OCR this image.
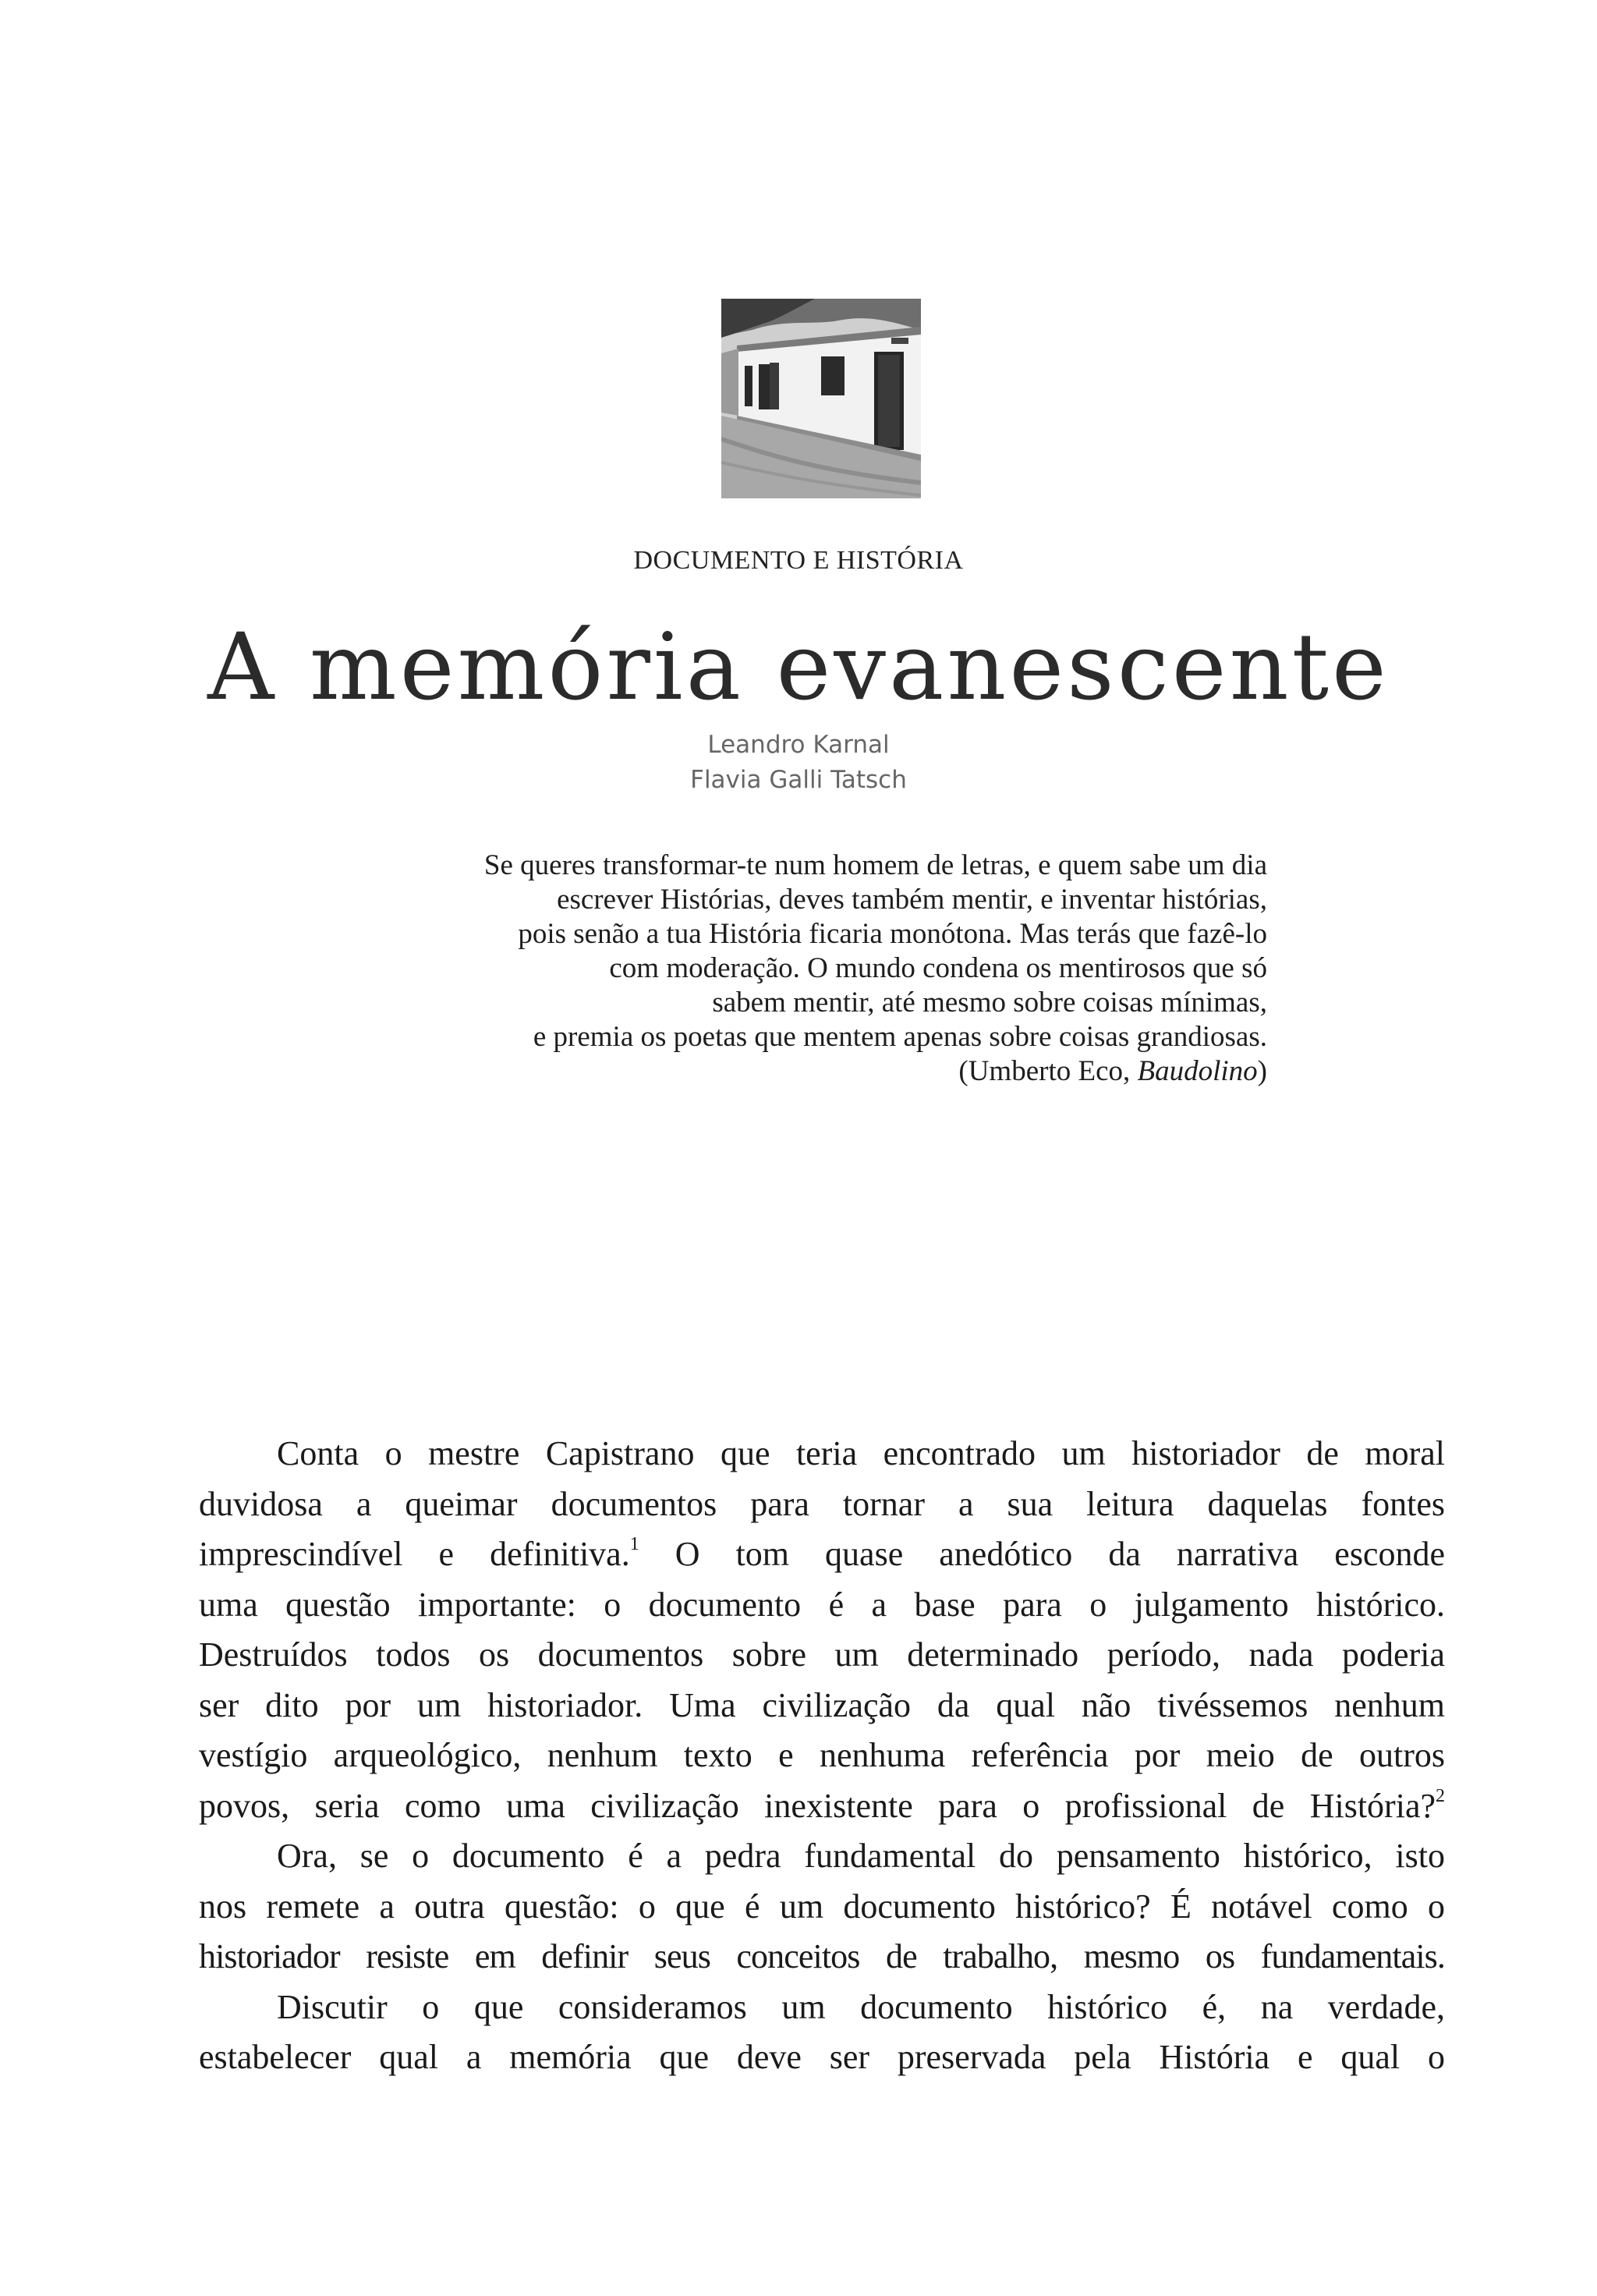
DOCUMENTO E HISTÓRIA
A memória evanescente
Leandro Karnal
Flavia Galli Tatsch
Se queres transformar-te num homem de letras, e quem sabe um dia
escrever Histórias, deves também mentir, e inventar histórias,
pois senão a tua História ficaria monótona. Mas terás que fazê-lo
com moderação. O mundo condena os mentirosos que só
sabem mentir, até mesmo sobre coisas mínimas,
e premia os poetas que mentem apenas sobre coisas grandiosas.
(Umberto Eco, Baudolino)
Conta o mestre Capistrano que teria encontrado um historiador de moral
duvidosa a queimar documentos para tornar a sua leitura daquelas fontes
imprescindível e definitiva.$^1$ O tom quase anedótico da narrativa esconde
uma questão importante: o documento é a base para o julgamento histórico.
Destruídos todos os documentos sobre um determinado período, nada poderia
ser dito por um historiador. Uma civilização da qual não tivéssemos nenhum
vestígio arqueológico, nenhum texto e nenhuma referência por meio de outros
povos, seria como uma civilização inexistente para o profissional de História?$^2$
Ora, se o documento é a pedra fundamental do pensamento histórico, isto
nos remete a outra questão: o que é um documento histórico? É notável como o
historiador resiste em definir seus conceitos de trabalho, mesmo os fundamentais.
Discutir o que consideramos um documento histórico é, na verdade,
estabelecer qual a memória que deve ser preservada pela História e qual o
